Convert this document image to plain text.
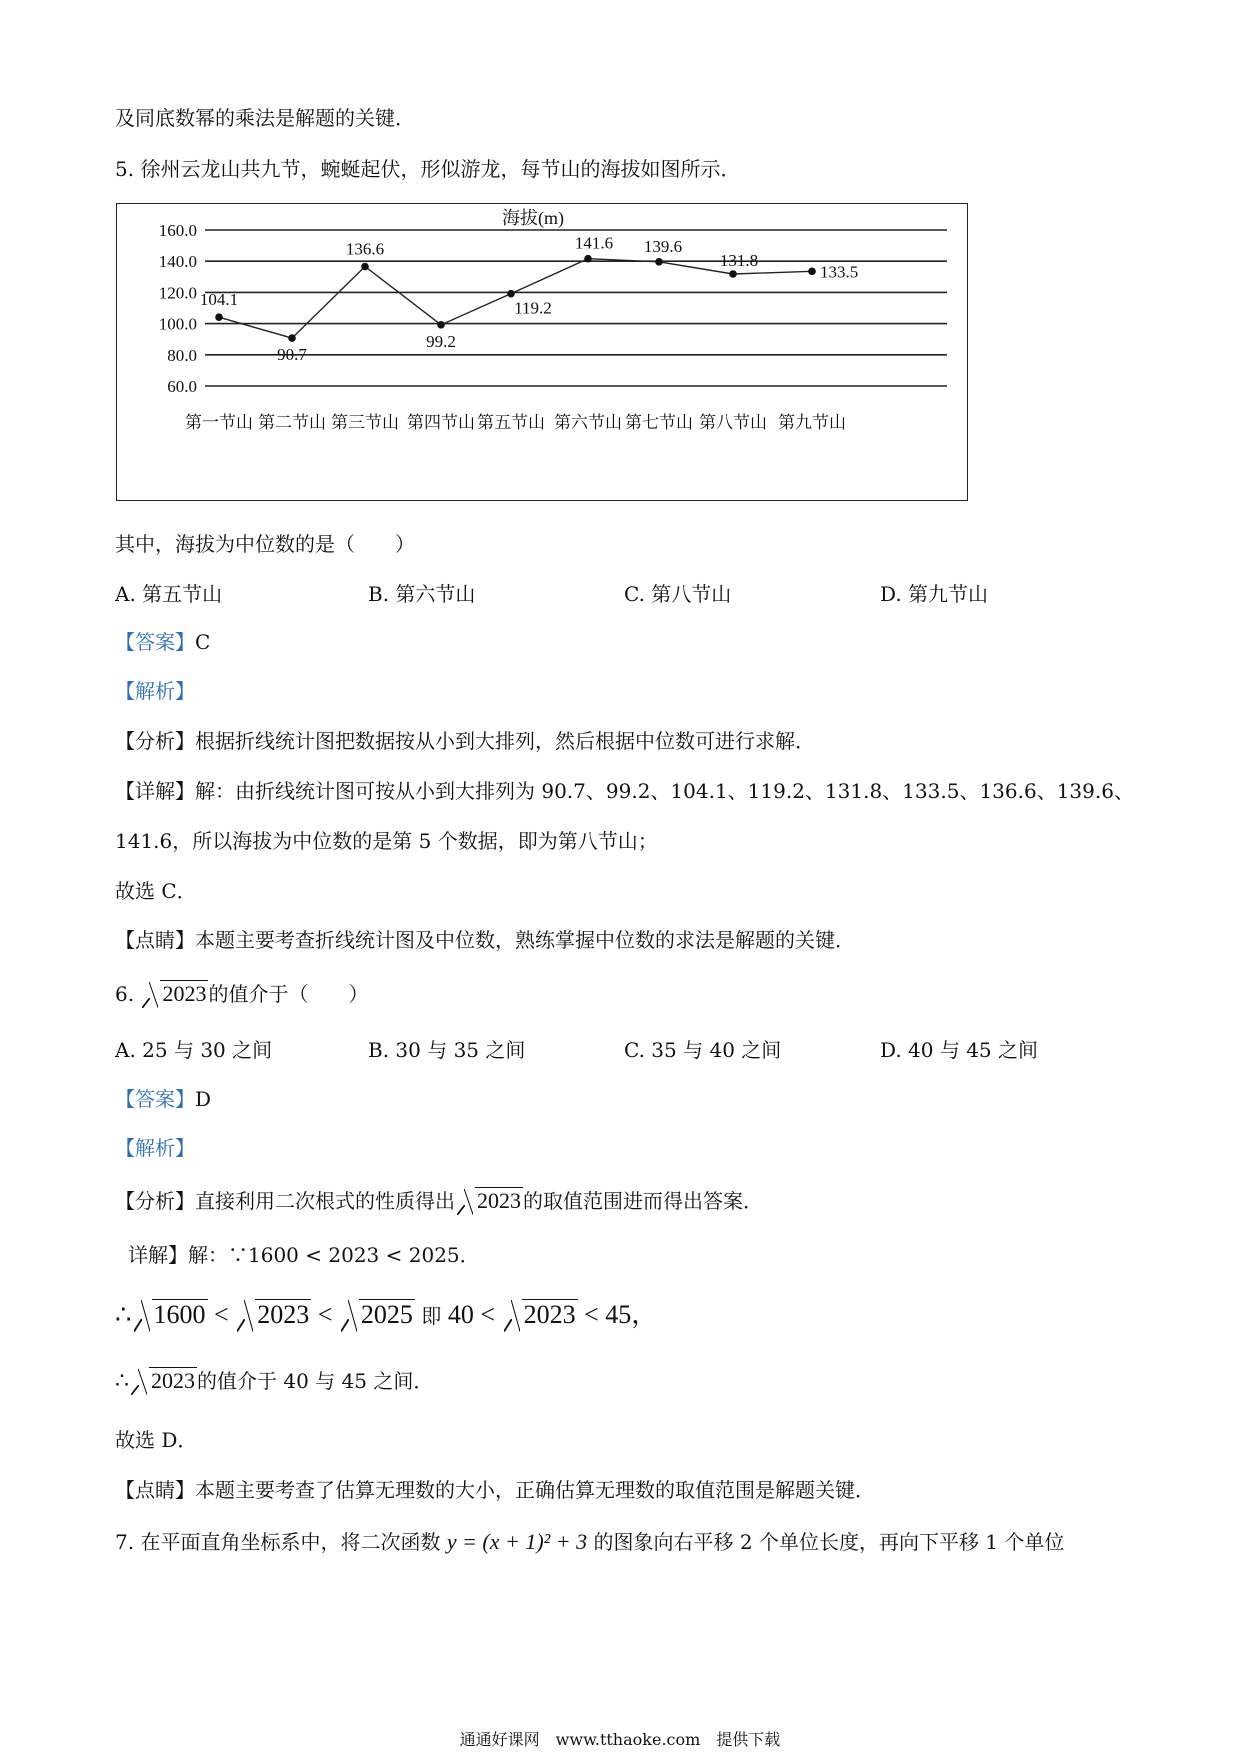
及同底数幂的乘法是解题的关键．
5. 徐州云龙山共九节，蜿蜒起伏，形似游龙，每节山的海拔如图所示．
海拔(m)
60.0
80.0
100.0
120.0
140.0
160.0
第一节山 第二节山 第三节山 第四节山 第五节山 第六节山 第七节山 第八节山 第九节山
104.1
90.7
136.6
99.2
119.2
141.6 139.6
131.8
133.5
其中，海拔为中位数的是（　　）
A. 第五节山	B. 第六节山	C. 第八节山	D. 第九节山
【答案】C
【解析】
【分析】根据折线统计图把数据按从小到大排列，然后根据中位数可进行求解．
【详解】解：由折线统计图可按从小到大排列为 90.7、99.2、104.1、119.2、131.8、133.5、136.6、139.6、
141.6，所以海拔为中位数的是第 5 个数据，即为第八节山；
故选 C．
【点睛】本题主要考查折线统计图及中位数，熟练掌握中位数的求法是解题的关键．
6. 2023 的值介于（　　）
A. 25 与 30 之间	B. 30 与 35 之间	C. 35 与 40 之间	D. 40 与 45 之间
【答案】D
【解析】
【分析】直接利用二次根式的性质得出 2023 的取值范围进而得出答案．
详解】解：∵1600 < 2023 < 2025．
∴ 1600 < 2023 < 2025 即 40 < 2023 < 45，
∴ 2023 的值介于 40 与 45 之间．
故选 D．
【点睛】本题主要考查了估算无理数的大小，正确估算无理数的取值范围是解题关键．
7. 在平面直角坐标系中，将二次函数 y = (x + 1)² + 3 的图象向右平移 2 个单位长度，再向下平移 1 个单位
通通好课网　www.tthaoke.com　提供下载
